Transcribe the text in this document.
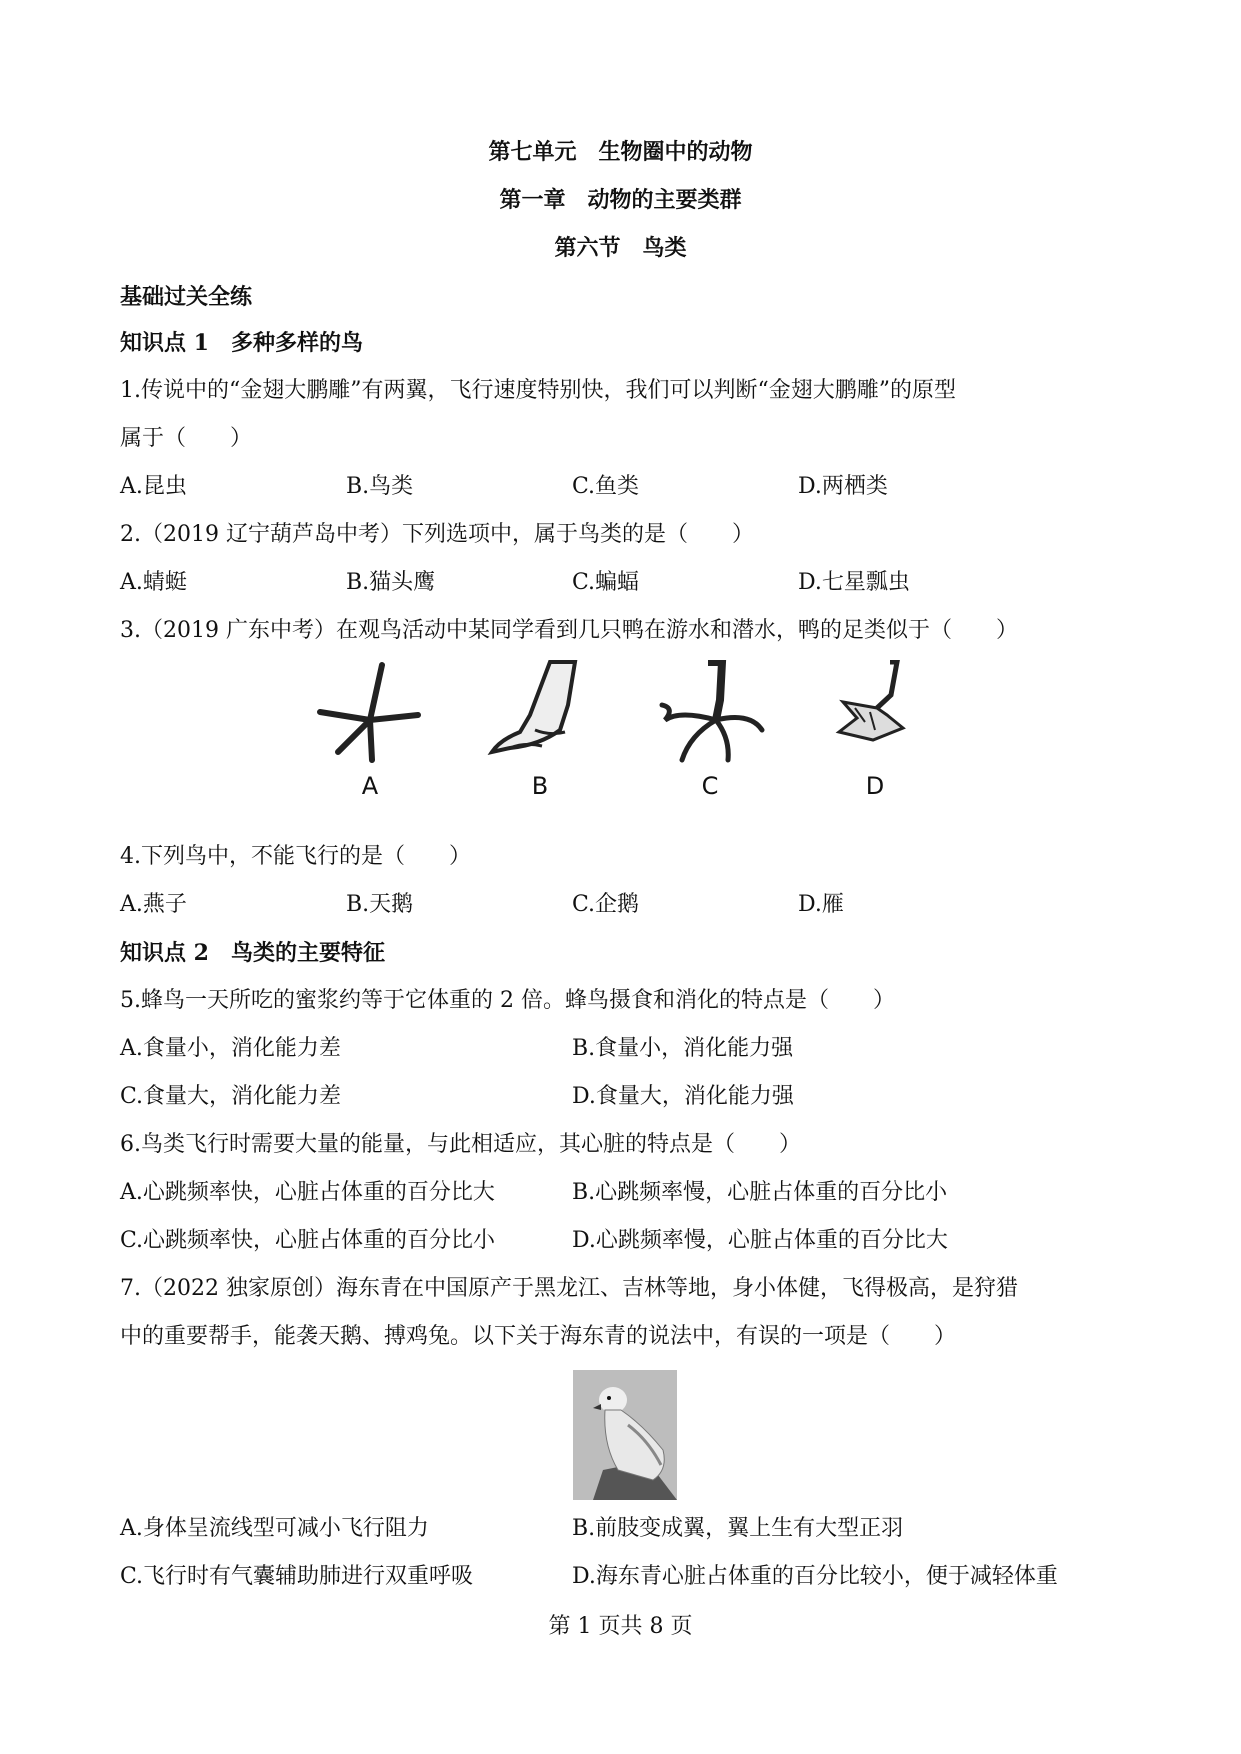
第七单元　生物圈中的动物
第一章　动物的主要类群
第六节　鸟类
基础过关全练
知识点 1　多种多样的鸟
1.传说中的“金翅大鹏雕”有两翼，飞行速度特别快，我们可以判断“金翅大鹏雕”的原型
属于（　　）
A.昆虫	B.鸟类	C.鱼类	D.两栖类
2.（2019 辽宁葫芦岛中考）下列选项中，属于鸟类的是（　　）
A.蜻蜓	B.猫头鹰	C.蝙蝠	D.七星瓢虫
3.（2019 广东中考）在观鸟活动中某同学看到几只鸭在游水和潜水，鸭的足类似于（　　）
A	B	C	D
4.下列鸟中，不能飞行的是（　　）
A.燕子	B.天鹅	C.企鹅	D.雁
知识点 2　鸟类的主要特征
5.蜂鸟一天所吃的蜜浆约等于它体重的 2 倍。蜂鸟摄食和消化的特点是（　　）
A.食量小，消化能力差	B.食量小，消化能力强
C.食量大，消化能力差	D.食量大，消化能力强
6.鸟类飞行时需要大量的能量，与此相适应，其心脏的特点是（　　）
A.心跳频率快，心脏占体重的百分比大	B.心跳频率慢，心脏占体重的百分比小
C.心跳频率快，心脏占体重的百分比小	D.心跳频率慢，心脏占体重的百分比大
7.（2022 独家原创）海东青在中国原产于黑龙江、吉林等地，身小体健，飞得极高，是狩猎
中的重要帮手，能袭天鹅、搏鸡兔。以下关于海东青的说法中，有误的一项是（　　）
A.身体呈流线型可减小飞行阻力	B.前肢变成翼，翼上生有大型正羽
C.飞行时有气囊辅助肺进行双重呼吸	D.海东青心脏占体重的百分比较小，便于减轻体重
第 1 页共 8 页
